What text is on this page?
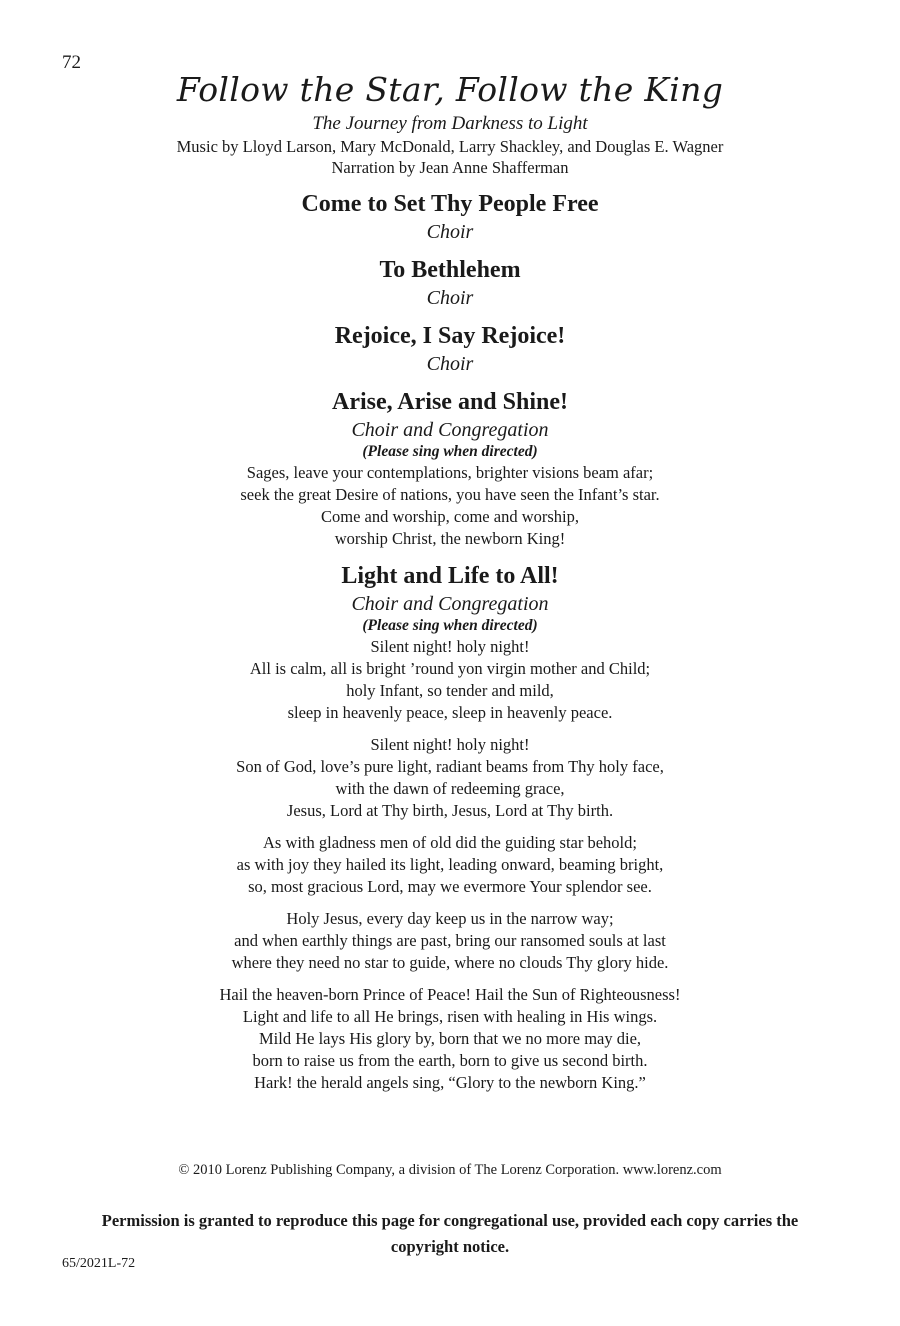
72
Follow the Star, Follow the King
The Journey from Darkness to Light
Music by Lloyd Larson, Mary McDonald, Larry Shackley, and Douglas E. Wagner
Narration by Jean Anne Shafferman
Come to Set Thy People Free
Choir
To Bethlehem
Choir
Rejoice, I Say Rejoice!
Choir
Arise, Arise and Shine!
Choir and Congregation
(Please sing when directed)
Sages, leave your contemplations, brighter visions beam afar;
seek the great Desire of nations, you have seen the Infant’s star.
Come and worship, come and worship,
worship Christ, the newborn King!
Light and Life to All!
Choir and Congregation
(Please sing when directed)
Silent night! holy night!
All is calm, all is bright ’round yon virgin mother and Child;
holy Infant, so tender and mild,
sleep in heavenly peace, sleep in heavenly peace.
Silent night! holy night!
Son of God, love’s pure light, radiant beams from Thy holy face,
with the dawn of redeeming grace,
Jesus, Lord at Thy birth, Jesus, Lord at Thy birth.
As with gladness men of old did the guiding star behold;
as with joy they hailed its light, leading onward, beaming bright,
so, most gracious Lord, may we evermore Your splendor see.
Holy Jesus, every day keep us in the narrow way;
and when earthly things are past, bring our ransomed souls at last
where they need no star to guide, where no clouds Thy glory hide.
Hail the heaven-born Prince of Peace! Hail the Sun of Righteousness!
Light and life to all He brings, risen with healing in His wings.
Mild He lays His glory by, born that we no more may die,
born to raise us from the earth, born to give us second birth.
Hark! the herald angels sing, “Glory to the newborn King.”
© 2010 Lorenz Publishing Company, a division of The Lorenz Corporation. www.lorenz.com
Permission is granted to reproduce this page for congregational use, provided each copy carries the copyright notice.
65/2021L-72
